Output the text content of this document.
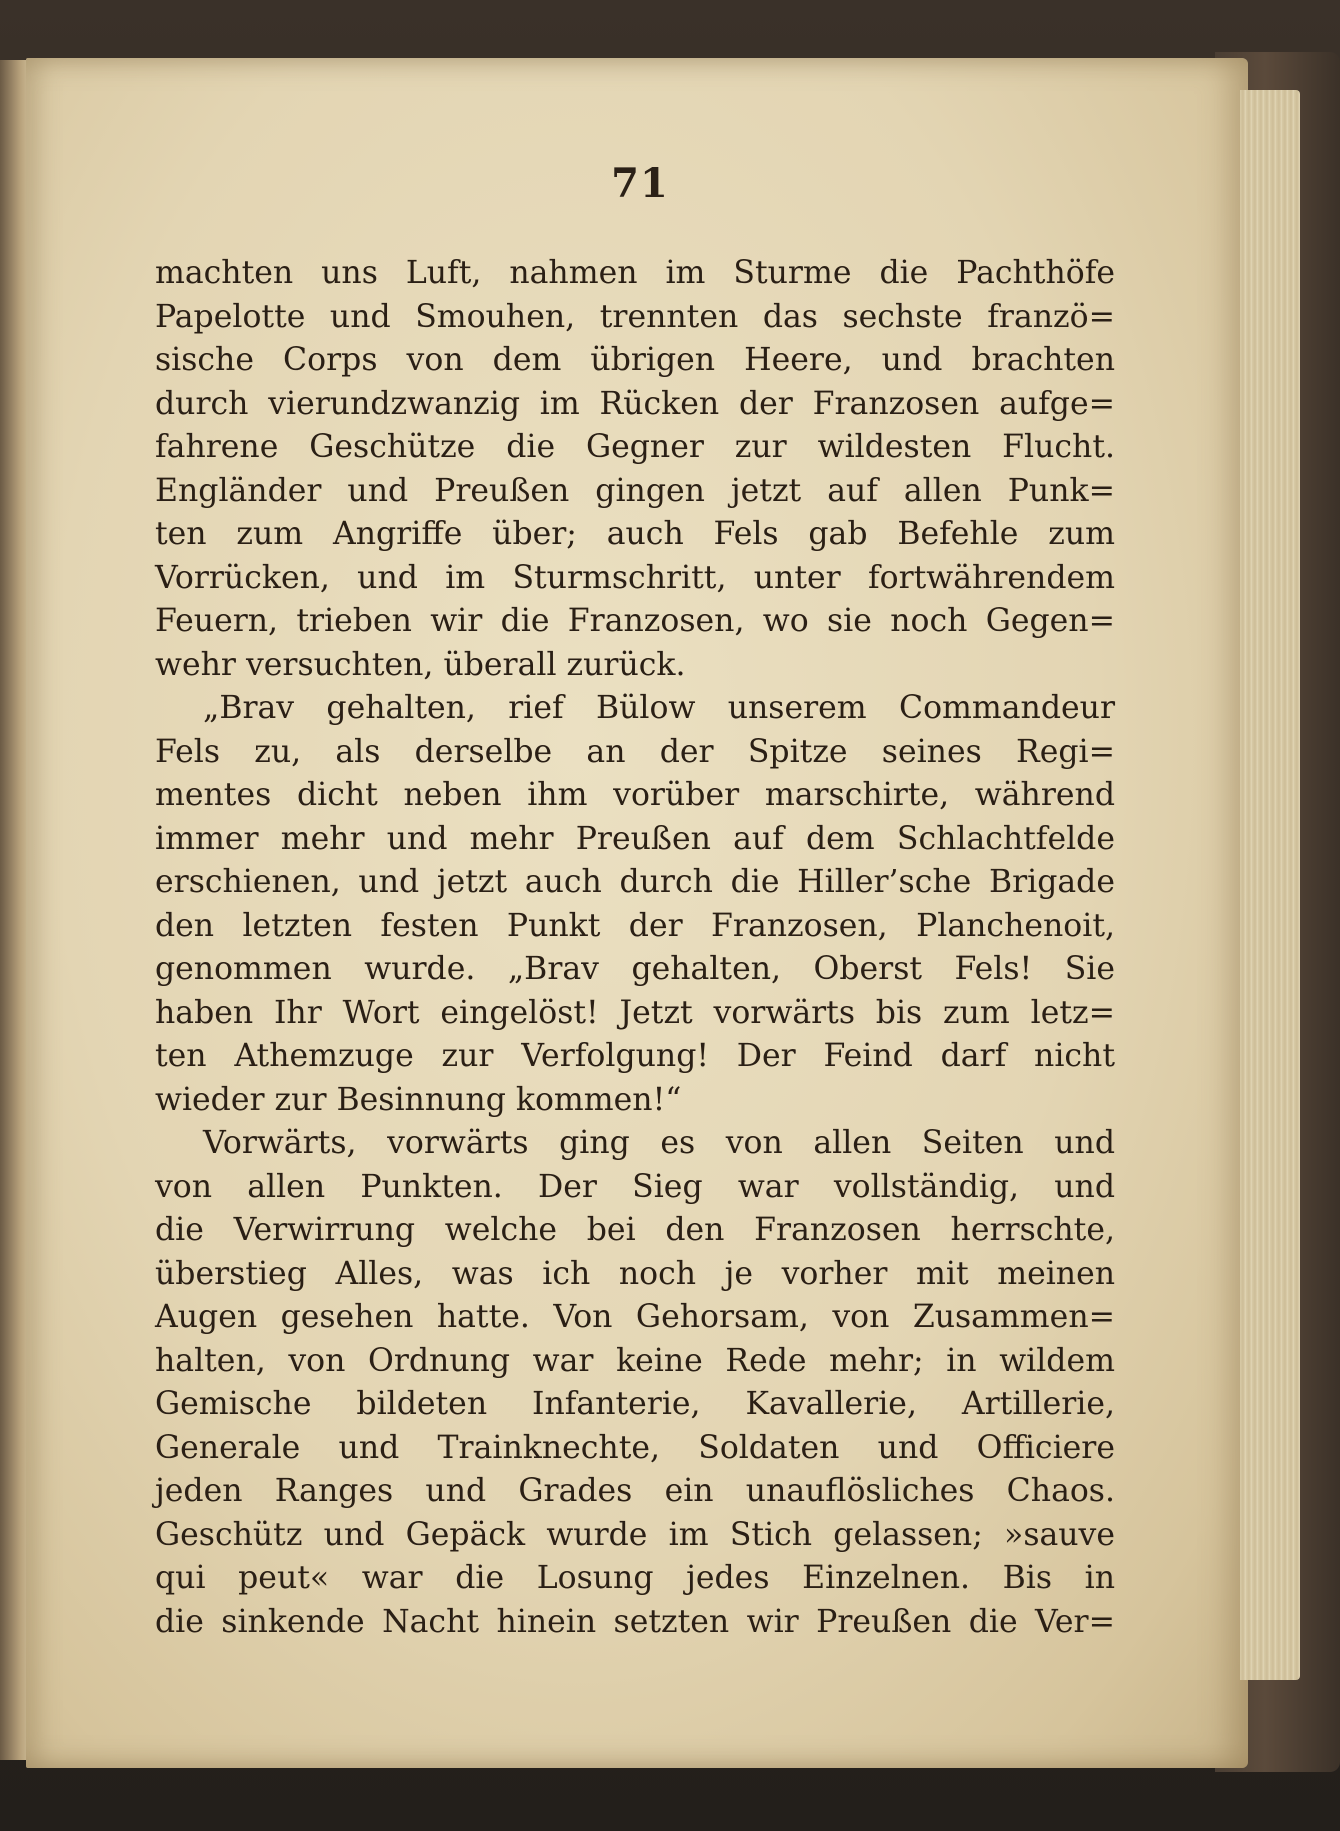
71
machten uns Luft, nahmen im Sturme die Pachthöfe
Papelotte und Smouhen, trennten das sechste franzö=
sische Corps von dem übrigen Heere, und brachten
durch vierundzwanzig im Rücken der Franzosen aufge=
fahrene Geschütze die Gegner zur wildesten Flucht.
Engländer und Preußen gingen jetzt auf allen Punk=
ten zum Angriffe über; auch Fels gab Befehle zum
Vorrücken, und im Sturmschritt, unter fortwährendem
Feuern, trieben wir die Franzosen, wo sie noch Gegen=
wehr versuchten, überall zurück.
„Brav gehalten, rief Bülow unserem Commandeur
Fels zu, als derselbe an der Spitze seines Regi=
mentes dicht neben ihm vorüber marschirte, während
immer mehr und mehr Preußen auf dem Schlachtfelde
erschienen, und jetzt auch durch die Hiller’sche Brigade
den letzten festen Punkt der Franzosen, Planchenoit,
genommen wurde. „Brav gehalten, Oberst Fels! Sie
haben Ihr Wort eingelöst! Jetzt vorwärts bis zum letz=
ten Athemzuge zur Verfolgung! Der Feind darf nicht
wieder zur Besinnung kommen!“
Vorwärts, vorwärts ging es von allen Seiten und
von allen Punkten. Der Sieg war vollständig, und
die Verwirrung welche bei den Franzosen herrschte,
überstieg Alles, was ich noch je vorher mit meinen
Augen gesehen hatte. Von Gehorsam, von Zusammen=
halten, von Ordnung war keine Rede mehr; in wildem
Gemische bildeten Infanterie, Kavallerie, Artillerie,
Generale und Trainknechte, Soldaten und Officiere
jeden Ranges und Grades ein unauflösliches Chaos.
Geschütz und Gepäck wurde im Stich gelassen; »sauve
qui peut« war die Losung jedes Einzelnen. Bis in
die sinkende Nacht hinein setzten wir Preußen die Ver=
